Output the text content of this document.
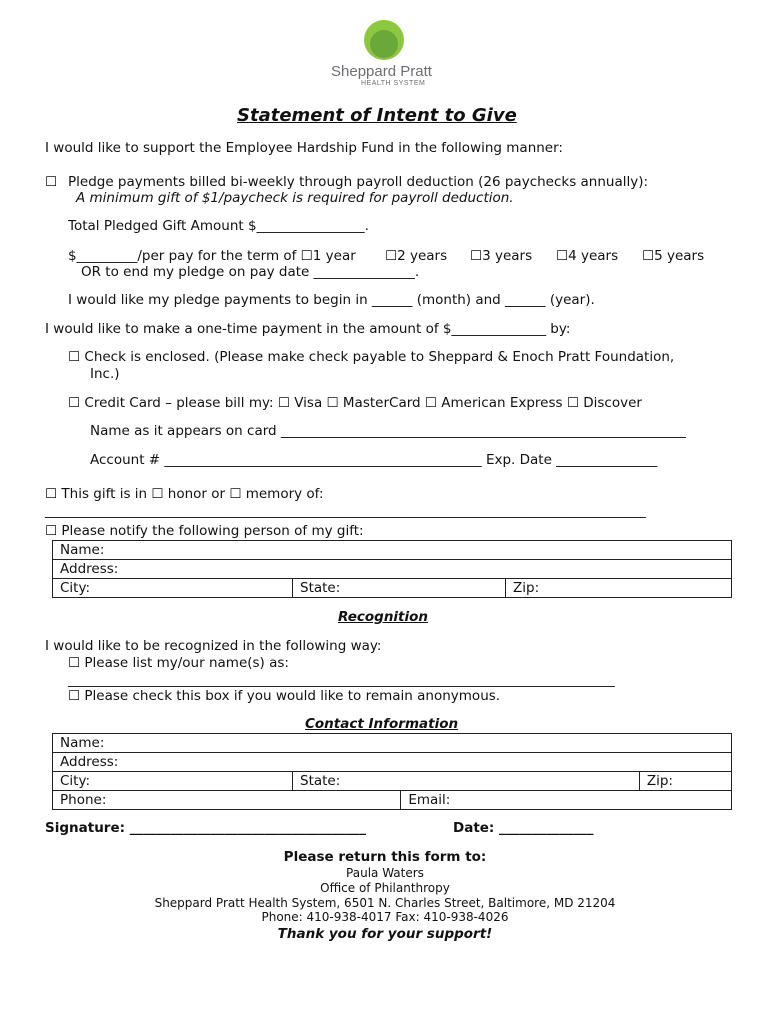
Sheppard Pratt
HEALTH SYSTEM
Statement of Intent to Give
I would like to support the Employee Hardship Fund in the following manner:
☐ Pledge payments billed bi-weekly through payroll deduction (26 paychecks annually):
A minimum gift of $1/paycheck is required for payroll deduction.
Total Pledged Gift Amount $________________.
$_________/per pay for the term of ☐1 year ☐2 years ☐3 years ☐4 years ☐5 years
OR to end my pledge on pay date _______________.
I would like my pledge payments to begin in ______ (month) and ______ (year).
I would like to make a one-time payment in the amount of $______________ by:
☐ Check is enclosed. (Please make check payable to Sheppard & Enoch Pratt Foundation,
Inc.)
☐ Credit Card – please bill my: ☐ Visa ☐ MasterCard ☐ American Express ☐ Discover
Name as it appears on card ____________________________________________________________
Account # _______________________________________________ Exp. Date _______________
☐ This gift is in ☐ honor or ☐ memory of:
_________________________________________________________________________________________
☐ Please notify the following person of my gift:
Name:
Address:
City:	State:	Zip:
Recognition
I would like to be recognized in the following way:
☐ Please list my/our name(s) as:
_________________________________________________________________________________
☐ Please check this box if you would like to remain anonymous.
Contact Information
Name:			
Address:			
City:	State:		Zip:
Phone:		Email:	
Signature: ___________________________________	Date: ______________
Please return this form to:
Paula Waters
Office of Philanthropy
Sheppard Pratt Health System, 6501 N. Charles Street, Baltimore, MD 21204
Phone: 410-938-4017 Fax: 410-938-4026
Thank you for your support!
